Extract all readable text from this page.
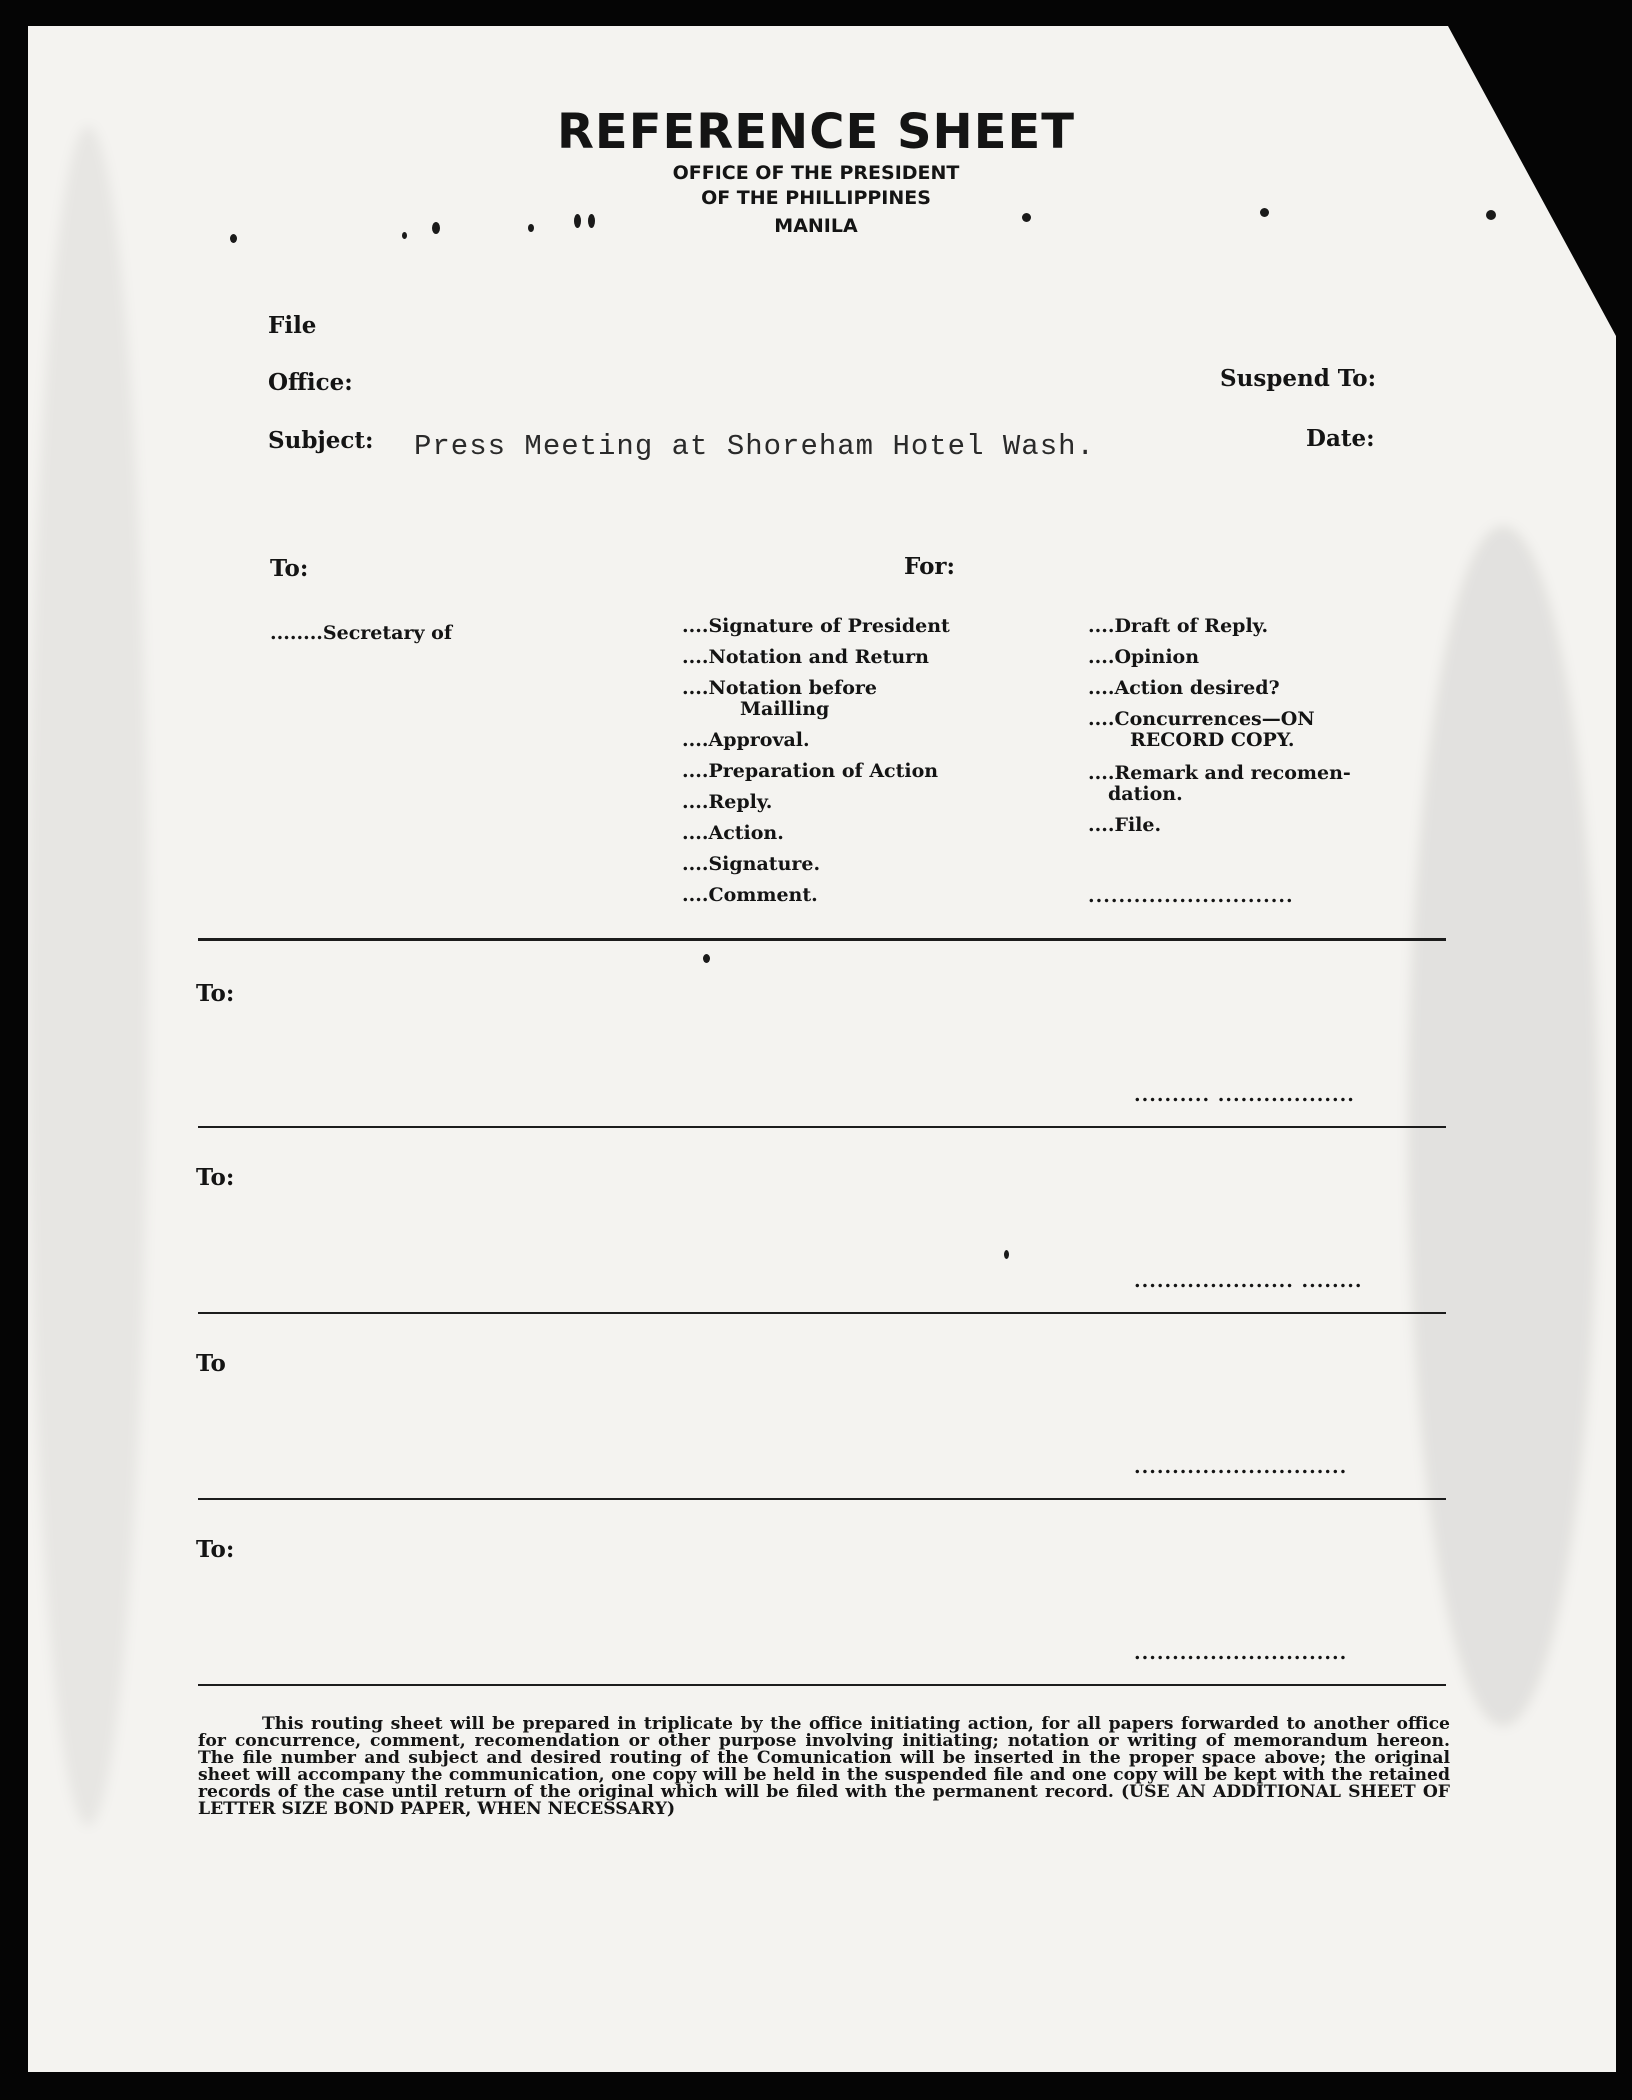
REFERENCE SHEET
OFFICE OF THE PRESIDENT
OF THE PHILLIPPINES
MANILA
File
Office:
Subject: Press Meeting at Shoreham Hotel Wash.
Suspend To:
Date:
To:	For:
........Secretary of	....Signature of President
....Notation and Return
....Notation before
Mailling
....Approval.
....Preparation of Action
....Reply.
....Action.
....Signature.
....Comment.
....Draft of Reply.
....Opinion
....Action desired?
....Concurrences—ON
RECORD COPY.
....Remark and recomen-
dation.
....File.
...........................
To:
.......... ..................
To:
..................... ........
To
............................
To:
............................
This routing sheet will be prepared in triplicate by the office initiating action, for all papers forwarded to another office for concurrence, comment, recomendation or other purpose involving initiating; notation or writing of memorandum hereon. The file number and subject and desired routing of the Comunication will be inserted in the proper space above; the original sheet will accompany the communication, one copy will be held in the suspended file and one copy will be kept with the retained records of the case until return of the original which will be filed with the permanent record. (USE AN ADDITIONAL SHEET OF LETTER SIZE BOND PAPER, WHEN NECESSARY)
